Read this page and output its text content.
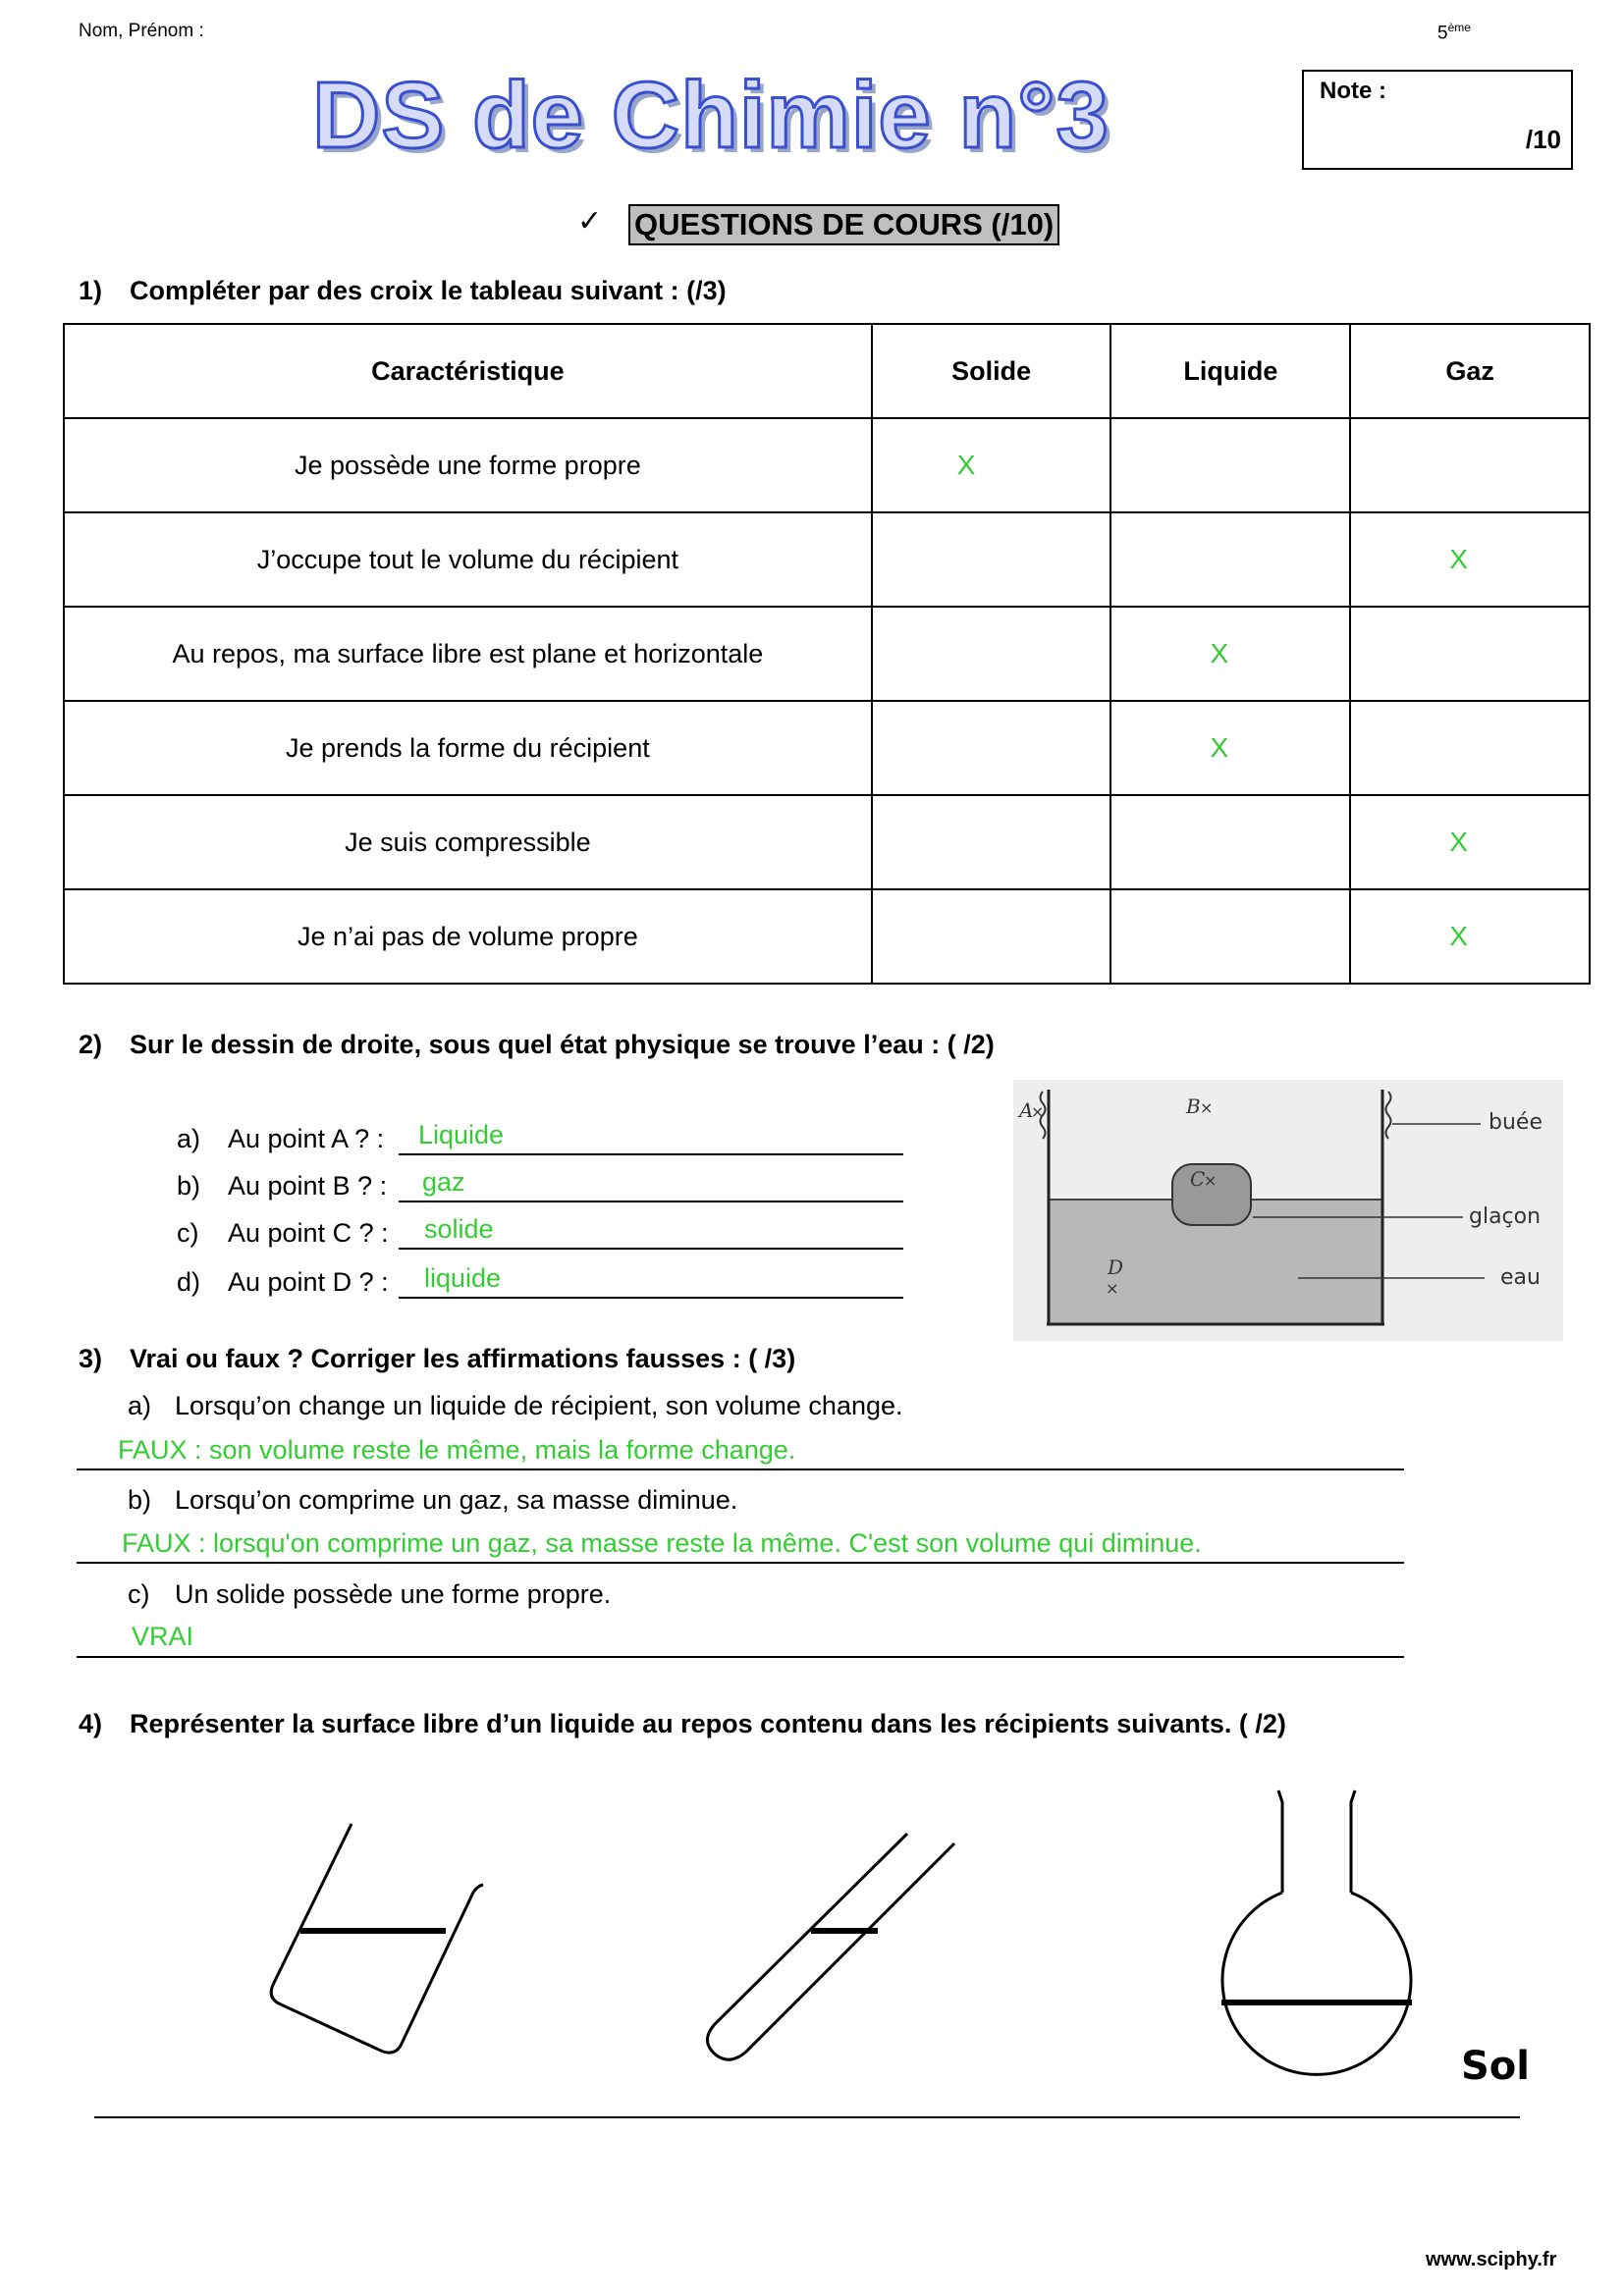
Nom, Prénom :	5ème
DS de Chimie n°3	Note :
/10
✓ QUESTIONS DE COURS (/10)
1) Compléter par des croix le tableau suivant : (/3)
Caractéristique	Solide	Liquide	Gaz
Je possède une forme propre	X		
J’occupe tout le volume du récipient			X
Au repos, ma surface libre est plane et horizontale		X	
Je prends la forme du récipient		X	
Je suis compressible			X
Je n’ai pas de volume propre			X
2) Sur le dessin de droite, sous quel état physique se trouve l’eau : ( /2)
a) Au point A ? : Liquide
b) Au point B ? : gaz
c) Au point C ? : solide
d) Au point D ? : liquide
A	B
C
D
×	×
×
×
buée
glaçon
eau
3) Vrai ou faux ? Corriger les affirmations fausses : ( /3)
a) Lorsqu’on change un liquide de récipient, son volume change.
FAUX : son volume reste le même, mais la forme change.
b) Lorsqu’on comprime un gaz, sa masse diminue.
FAUX : lorsqu'on comprime un gaz, sa masse reste la même. C'est son volume qui diminue.
c) Un solide possède une forme propre.
VRAI
4) Représenter la surface libre d’un liquide au repos contenu dans les récipients suivants. ( /2)
Sol
www.sciphy.fr
